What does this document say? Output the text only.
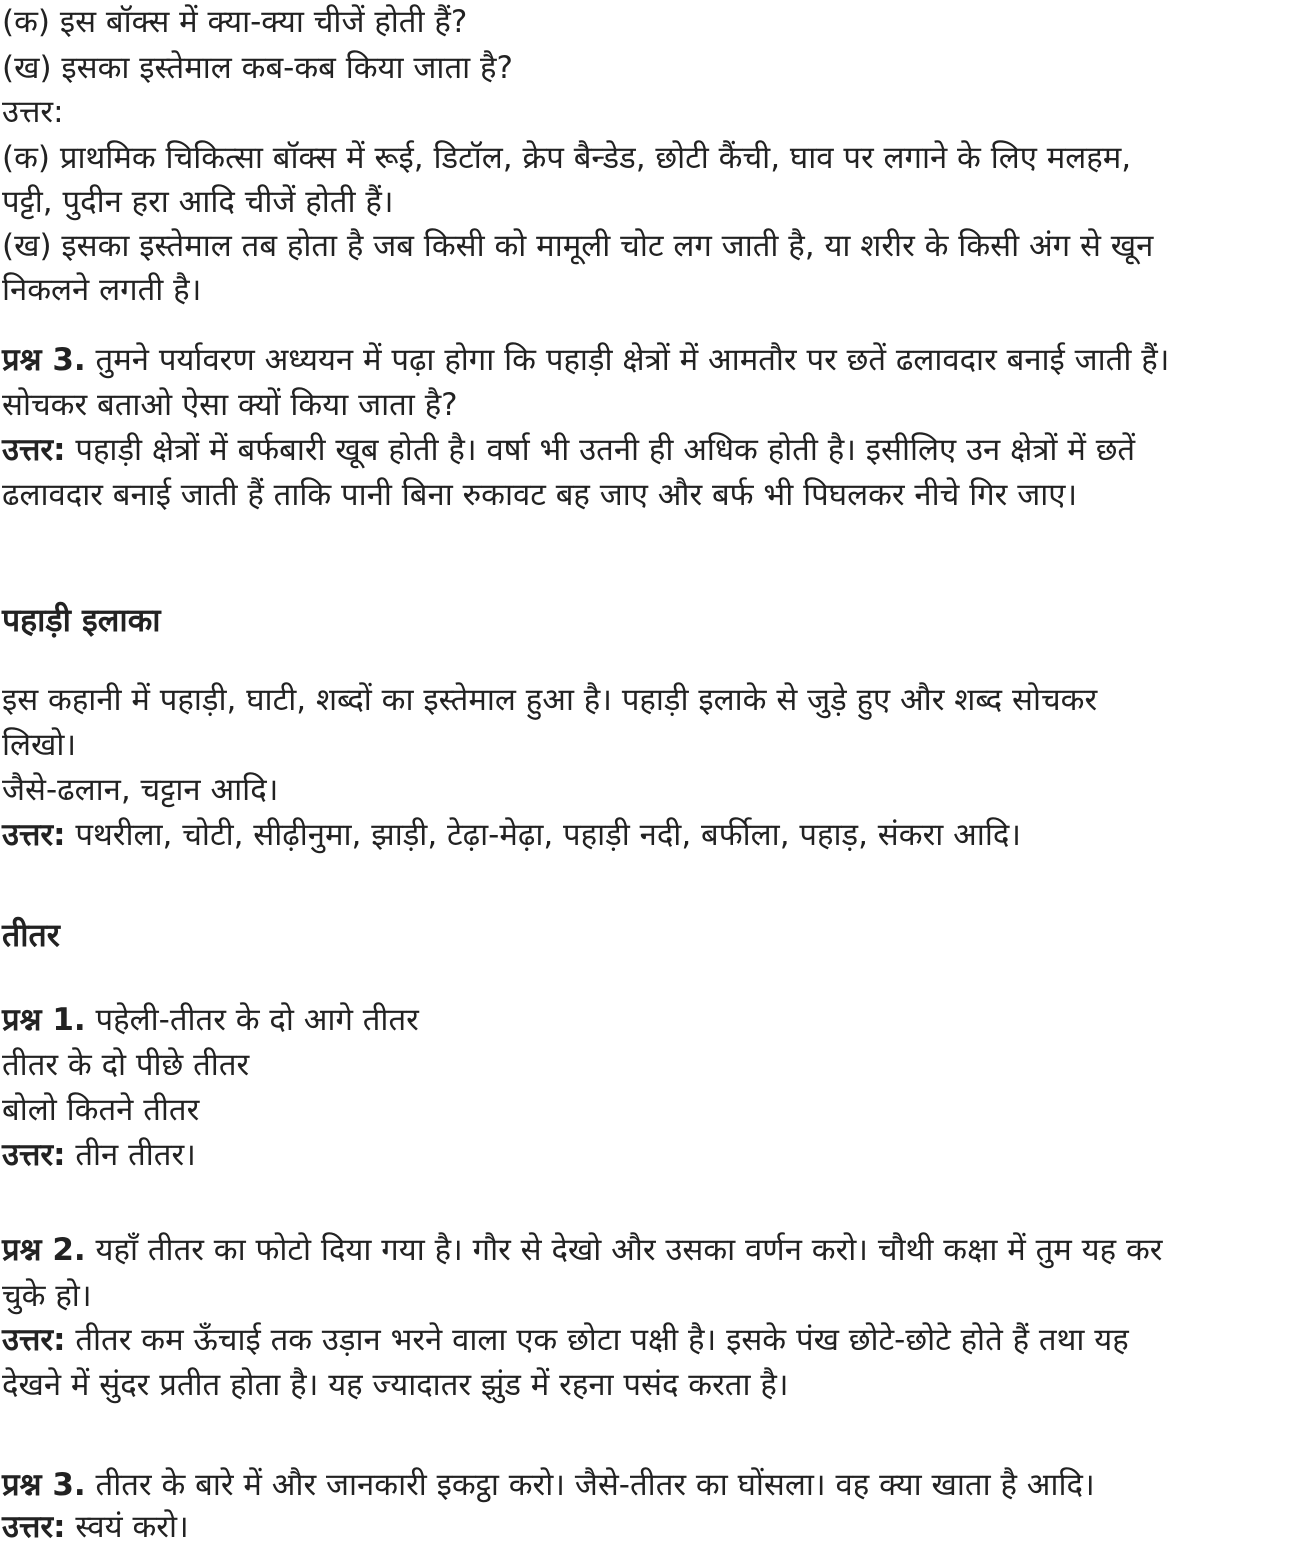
(क) इस बॉक्स में क्या-क्या चीजें होती हैं?
(ख) इसका इस्तेमाल कब-कब किया जाता है?
उत्तर:
(क) प्राथमिक चिकित्सा बॉक्स में रूई, डिटॉल, क्रेप बैन्डेड, छोटी कैंची, घाव पर लगाने के लिए मलहम,
पट्टी, पुदीन हरा आदि चीजें होती हैं।
(ख) इसका इस्तेमाल तब होता है जब किसी को मामूली चोट लग जाती है, या शरीर के किसी अंग से खून
निकलने लगती है।
प्रश्न 3. तुमने पर्यावरण अध्ययन में पढ़ा होगा कि पहाड़ी क्षेत्रों में आमतौर पर छतें ढलावदार बनाई जाती हैं।
सोचकर बताओ ऐसा क्यों किया जाता है?
उत्तर: पहाड़ी क्षेत्रों में बर्फबारी खूब होती है। वर्षा भी उतनी ही अधिक होती है। इसीलिए उन क्षेत्रों में छतें
ढलावदार बनाई जाती हैं ताकि पानी बिना रुकावट बह जाए और बर्फ भी पिघलकर नीचे गिर जाए।
पहाड़ी इलाका
इस कहानी में पहाड़ी, घाटी, शब्दों का इस्तेमाल हुआ है। पहाड़ी इलाके से जुड़े हुए और शब्द सोचकर
लिखो।
जैसे-ढलान, चट्टान आदि।
उत्तर: पथरीला, चोटी, सीढ़ीनुमा, झाड़ी, टेढ़ा-मेढ़ा, पहाड़ी नदी, बर्फीला, पहाड़, संकरा आदि।
तीतर
प्रश्न 1. पहेली-तीतर के दो आगे तीतर
तीतर के दो पीछे तीतर
बोलो कितने तीतर
उत्तर: तीन तीतर।
प्रश्न 2. यहाँ तीतर का फोटो दिया गया है। गौर से देखो और उसका वर्णन करो। चौथी कक्षा में तुम यह कर
चुके हो।
उत्तर: तीतर कम ऊँचाई तक उड़ान भरने वाला एक छोटा पक्षी है। इसके पंख छोटे-छोटे होते हैं तथा यह
देखने में सुंदर प्रतीत होता है। यह ज्यादातर झुंड में रहना पसंद करता है।
प्रश्न 3. तीतर के बारे में और जानकारी इकट्ठा करो। जैसे-तीतर का घोंसला। वह क्या खाता है आदि।
उत्तर: स्वयं करो।
